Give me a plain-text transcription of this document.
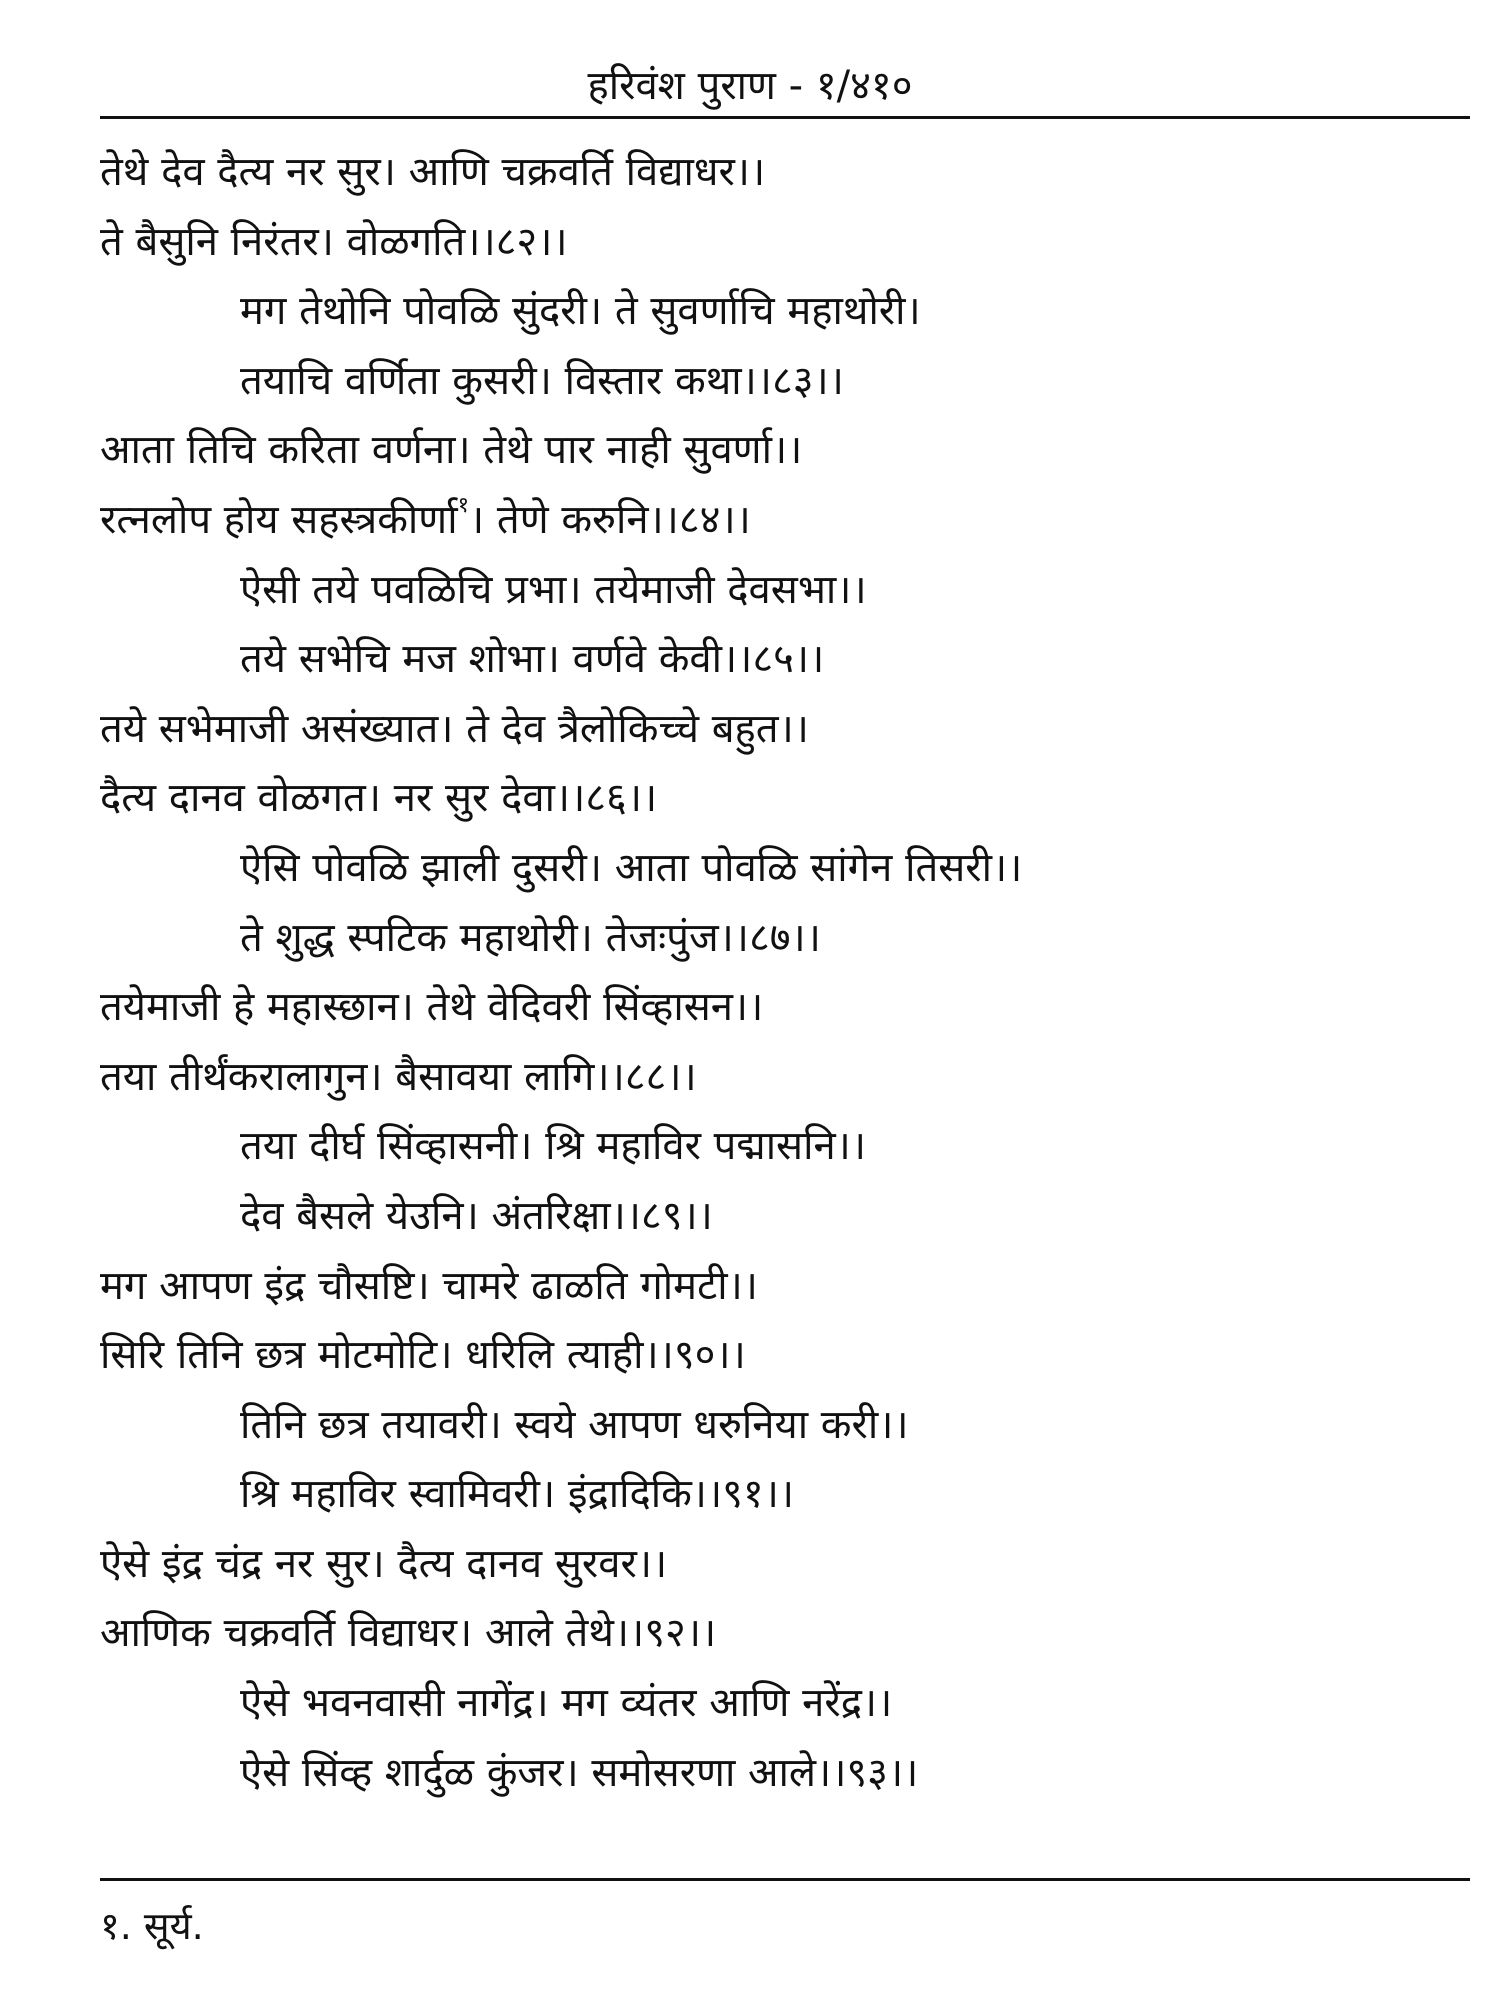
हरिवंश पुराण - १/४१०
तेथे देव दैत्य नर सुर। आणि चक्रवर्ति विद्याधर।।
ते बैसुनि निरंतर। वोळगति।।८२।।
मग तेथोनि पोवळि सुंदरी। ते सुवर्णाचि महाथोरी।
तयाचि वर्णिता कुसरी। विस्तार कथा।।८३।।
आता तिचि करिता वर्णना। तेथे पार नाही सुवर्णा।।
रत्नलोप होय सहस्त्रकीर्णा$^१$। तेणे करुनि।।८४।।
ऐसी तये पवळिचि प्रभा। तयेमाजी देवसभा।।
तये सभेचि मज शोभा। वर्णवे केवी।।८५।।
तये सभेमाजी असंख्यात। ते देव त्रैलोकिच्चे बहुत।।
दैत्य दानव वोळगत। नर सुर देवा।।८६।।
ऐसि पोवळि झाली दुसरी। आता पोवळि सांगेन तिसरी।।
ते शुद्ध स्पटिक महाथोरी। तेजःपुंज।।८७।।
तयेमाजी हे महास्छान। तेथे वेदिवरी सिंव्हासन।।
तया तीर्थंकरालागुन। बैसावया लागि।।८८।।
तया दीर्घ सिंव्हासनी। श्रि महाविर पद्मासनि।।
देव बैसले येउनि। अंतरिक्षा।।८९।।
मग आपण इंद्र चौसष्टि। चामरे ढाळति गोमटी।।
सिरि तिनि छत्र मोटमोटि। धरिलि त्याही।।९०।।
तिनि छत्र तयावरी। स्वये आपण धरुनिया करी।।
श्रि महाविर स्वामिवरी। इंद्रादिकि।।९१।।
ऐसे इंद्र चंद्र नर सुर। दैत्य दानव सुरवर।।
आणिक चक्रवर्ति विद्याधर। आले तेथे।।९२।।
ऐसे भवनवासी नागेंद्र। मग व्यंतर आणि नरेंद्र।।
ऐसे सिंव्ह शार्दुळ कुंजर। समोसरणा आले।।९३।।
१. सूर्य.
